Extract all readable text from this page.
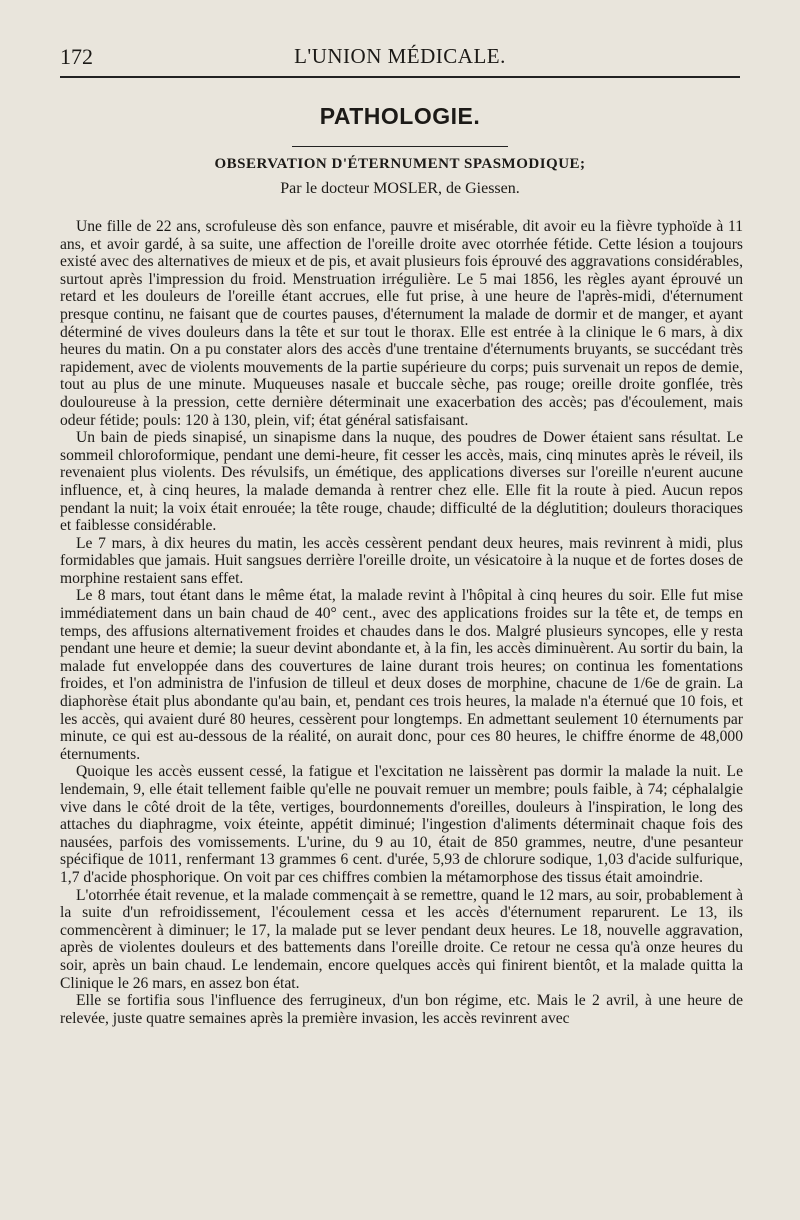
172	L'UNION MÉDICALE.
PATHOLOGIE.
OBSERVATION D'ÉTERNUMENT SPASMODIQUE;
Par le docteur MOSLER, de Giessen.

Une fille de 22 ans, scrofuleuse dès son enfance, pauvre et misérable, dit avoir eu la fièvre typhoïde à 11 ans, et avoir gardé, à sa suite, une affection de l'oreille droite avec otorrhée fétide. Cette lésion a toujours existé avec des alternatives de mieux et de pis, et avait plusieurs fois éprouvé des aggravations considérables, surtout après l'impression du froid. Menstruation irrégulière. Le 5 mai 1856, les règles ayant éprouvé un retard et les douleurs de l'oreille étant accrues, elle fut prise, à une heure de l'après-midi, d'éternument presque continu, ne faisant que de courtes pauses, d'éternument la malade de dormir et de manger, et ayant déterminé de vives douleurs dans la tête et sur tout le thorax. Elle est entrée à la clinique le 6 mars, à dix heures du matin. On a pu constater alors des accès d'une trentaine d'éternuments bruyants, se succédant très rapidement, avec de violents mouvements de la partie supérieure du corps; puis survenait un repos de demie, tout au plus de une minute. Muqueuses nasale et buccale sèche, pas rouge; oreille droite gonflée, très douloureuse à la pression, cette dernière déterminait une exacerbation des accès; pas d'écoulement, mais odeur fétide; pouls: 120 à 130, plein, vif; état général satisfaisant.

Un bain de pieds sinapisé, un sinapisme dans la nuque, des poudres de Dower étaient sans résultat. Le sommeil chloroformique, pendant une demi-heure, fit cesser les accès, mais, cinq minutes après le réveil, ils revenaient plus violents. Des révulsifs, un émétique, des applications diverses sur l'oreille n'eurent aucune influence, et, à cinq heures, la malade demanda à rentrer chez elle. Elle fit la route à pied. Aucun repos pendant la nuit; la voix était enrouée; la tête rouge, chaude; difficulté de la déglutition; douleurs thoraciques et faiblesse considérable.

Le 7 mars, à dix heures du matin, les accès cessèrent pendant deux heures, mais revinrent à midi, plus formidables que jamais. Huit sangsues derrière l'oreille droite, un vésicatoire à la nuque et de fortes doses de morphine restaient sans effet.

Le 8 mars, tout étant dans le même état, la malade revint à l'hôpital à cinq heures du soir. Elle fut mise immédiatement dans un bain chaud de 40° cent., avec des applications froides sur la tête et, de temps en temps, des affusions alternativement froides et chaudes dans le dos. Malgré plusieurs syncopes, elle y resta pendant une heure et demie; la sueur devint abondante et, à la fin, les accès diminuèrent. Au sortir du bain, la malade fut enveloppée dans des couvertures de laine durant trois heures; on continua les fomentations froides, et l'on administra de l'infusion de tilleul et deux doses de morphine, chacune de 1/6e de grain. La diaphorèse était plus abondante qu'au bain, et, pendant ces trois heures, la malade n'a éternué que 10 fois, et les accès, qui avaient duré 80 heures, cessèrent pour longtemps. En admettant seulement 10 éternuments par minute, ce qui est au-dessous de la réalité, on aurait donc, pour ces 80 heures, le chiffre énorme de 48,000 éternuments.

Quoique les accès eussent cessé, la fatigue et l'excitation ne laissèrent pas dormir la malade la nuit. Le lendemain, 9, elle était tellement faible qu'elle ne pouvait remuer un membre; pouls faible, à 74; céphalalgie vive dans le côté droit de la tête, vertiges, bourdonnements d'oreilles, douleurs à l'inspiration, le long des attaches du diaphragme, voix éteinte, appétit diminué; l'ingestion d'aliments déterminait chaque fois des nausées, parfois des vomissements. L'urine, du 9 au 10, était de 850 grammes, neutre, d'une pesanteur spécifique de 1011, renfermant 13 grammes 6 cent. d'urée, 5,93 de chlorure sodique, 1,03 d'acide sulfurique, 1,7 d'acide phosphorique. On voit par ces chiffres combien la métamorphose des tissus était amoindrie.

L'otorrhée était revenue, et la malade commençait à se remettre, quand le 12 mars, au soir, probablement à la suite d'un refroidissement, l'écoulement cessa et les accès d'éternument reparurent. Le 13, ils commencèrent à diminuer; le 17, la malade put se lever pendant deux heures. Le 18, nouvelle aggravation, après de violentes douleurs et des battements dans l'oreille droite. Ce retour ne cessa qu'à onze heures du soir, après un bain chaud. Le lendemain, encore quelques accès qui finirent bientôt, et la malade quitta la Clinique le 26 mars, en assez bon état.

Elle se fortifia sous l'influence des ferrugineux, d'un bon régime, etc. Mais le 2 avril, à une heure de relevée, juste quatre semaines après la première invasion, les accès revinrent avec
